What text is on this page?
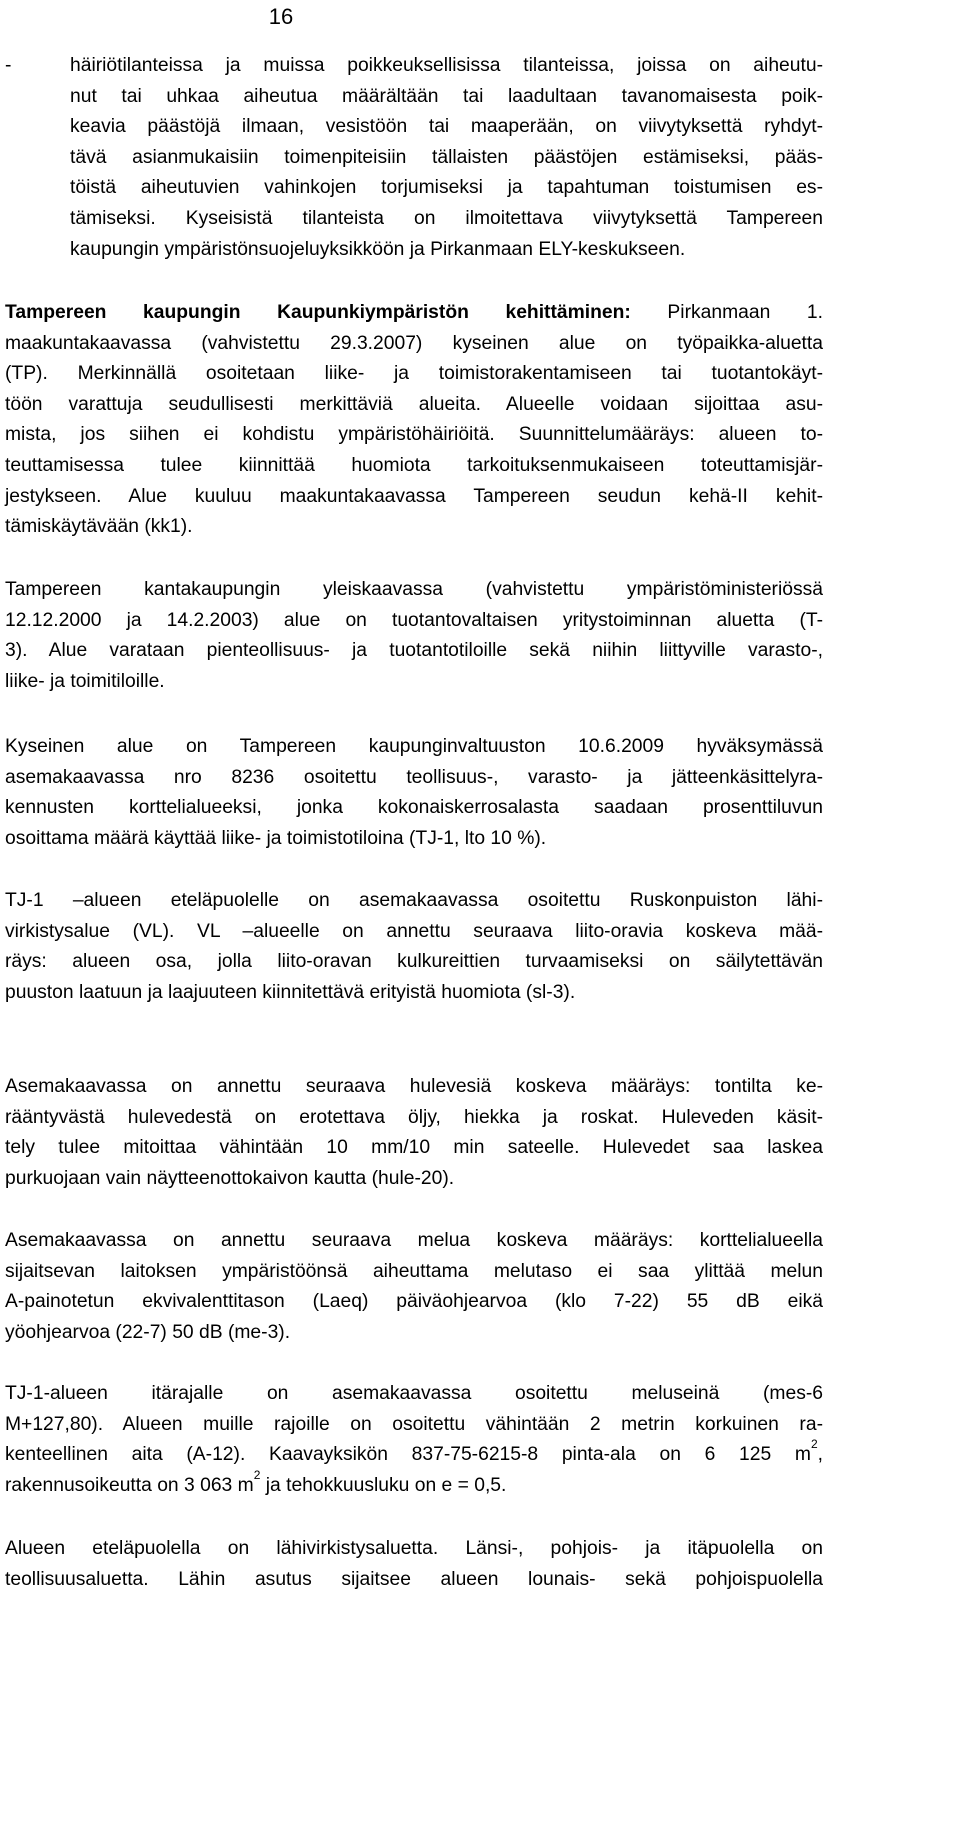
16
-	häiriötilanteissa ja muissa poikkeuksellisissa tilanteissa, joissa on aiheutu-
nut tai uhkaa aiheutua määrältään tai laadultaan tavanomaisesta poik-
keavia päästöjä ilmaan, vesistöön tai maaperään, on viivytyksettä ryhdyt-
tävä asianmukaisiin toimenpiteisiin tällaisten päästöjen estämiseksi, pääs-
töistä aiheutuvien vahinkojen torjumiseksi ja tapahtuman toistumisen es-
tämiseksi. Kyseisistä tilanteista on ilmoitettava viivytyksettä Tampereen
kaupungin ympäristönsuojeluyksikköön ja Pirkanmaan ELY-keskukseen.
Tampereen kaupungin Kaupunkiympäristön kehittäminen: Pirkanmaan 1.
maakuntakaavassa (vahvistettu 29.3.2007) kyseinen alue on työpaikka-aluetta
(TP). Merkinnällä osoitetaan liike- ja toimistorakentamiseen tai tuotantokäyt-
töön varattuja seudullisesti merkittäviä alueita. Alueelle voidaan sijoittaa asu-
mista, jos siihen ei kohdistu ympäristöhäiriöitä. Suunnittelumääräys: alueen to-
teuttamisessa tulee kiinnittää huomiota tarkoituksenmukaiseen toteuttamisjär-
jestykseen. Alue kuuluu maakuntakaavassa Tampereen seudun kehä-II kehit-
tämiskäytävään (kk1).
Tampereen kantakaupungin yleiskaavassa (vahvistettu ympäristöministeriössä
12.12.2000 ja 14.2.2003) alue on tuotantovaltaisen yritystoiminnan aluetta (T-
3). Alue varataan pienteollisuus- ja tuotantotiloille sekä niihin liittyville varasto-,
liike- ja toimitiloille.
Kyseinen alue on Tampereen kaupunginvaltuuston 10.6.2009 hyväksymässä
asemakaavassa nro 8236 osoitettu teollisuus-, varasto- ja jätteenkäsittelyra-
kennusten korttelialueeksi, jonka kokonaiskerrosalasta saadaan prosenttiluvun
osoittama määrä käyttää liike- ja toimistotiloina (TJ-1, lto 10 %).
TJ-1 –alueen eteläpuolelle on asemakaavassa osoitettu Ruskonpuiston lähi-
virkistysalue (VL). VL –alueelle on annettu seuraava liito-oravia koskeva mää-
räys: alueen osa, jolla liito-oravan kulkureittien turvaamiseksi on säilytettävän
puuston laatuun ja laajuuteen kiinnitettävä erityistä huomiota (sl-3).
Asemakaavassa on annettu seuraava hulevesiä koskeva määräys: tontilta ke-
rääntyvästä hulevedestä on erotettava öljy, hiekka ja roskat. Huleveden käsit-
tely tulee mitoittaa vähintään 10 mm/10 min sateelle. Hulevedet saa laskea
purkuojaan vain näytteenottokaivon kautta (hule-20).
Asemakaavassa on annettu seuraava melua koskeva määräys: korttelialueella
sijaitsevan laitoksen ympäristöönsä aiheuttama melutaso ei saa ylittää melun
A-painotetun ekvivalenttitason (Laeq) päiväohjearvoa (klo 7-22) 55 dB eikä
yöohjearvoa (22-7) 50 dB (me-3).
TJ-1-alueen itärajalle on asemakaavassa osoitettu meluseinä (mes-6
M+127,80). Alueen muille rajoille on osoitettu vähintään 2 metrin korkuinen ra-
kenteellinen aita (A-12). Kaavayksikön 837-75-6215-8 pinta-ala on 6 125 $m^2$,
rakennusoikeutta on 3 063 $m^2$ ja tehokkuusluku on e = 0,5.
Alueen eteläpuolella on lähivirkistysaluetta. Länsi-, pohjois- ja itäpuolella on
teollisuusaluetta. Lähin asutus sijaitsee alueen lounais- sekä pohjoispuolella
